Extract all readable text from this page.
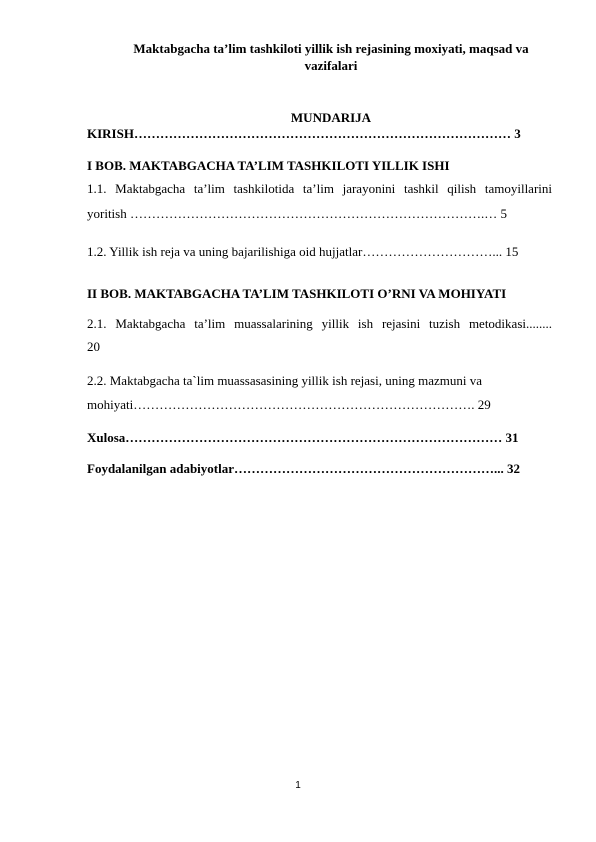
Maktabgacha ta’lim tashkiloti yillik ish rejasining moxiyati, maqsad va
vazifalari
MUNDARIJA
KIRISH…………………………………………………………………………… 3
I BOB. MAKTABGACHA TA’LIM TASHKILOTI YILLIK ISHI
1.1. Maktabgacha ta’lim tashkilotida ta’lim jarayonini tashkil qilish tamoyillarini
yoritish ……………………………………………………………………….… 5
1.2. Yillik ish reja va uning bajarilishiga oid hujjatlar…………………………... 15
II BOB. MAKTABGACHA TA’LIM TASHKILOTI O’RNI VA MOHIYATI
2.1. Maktabgacha ta’lim muassalarining yillik ish rejasini tuzish metodikasi........
20
2.2. Maktabgacha ta`lim muassasasining yillik ish rejasi, uning mazmuni va
mohiyati……………………………………………………………………. 29
Xulosa…………………………………………………………………………… 31
Foydalanilgan adabiyotlar……………………………………………………... 32
1
